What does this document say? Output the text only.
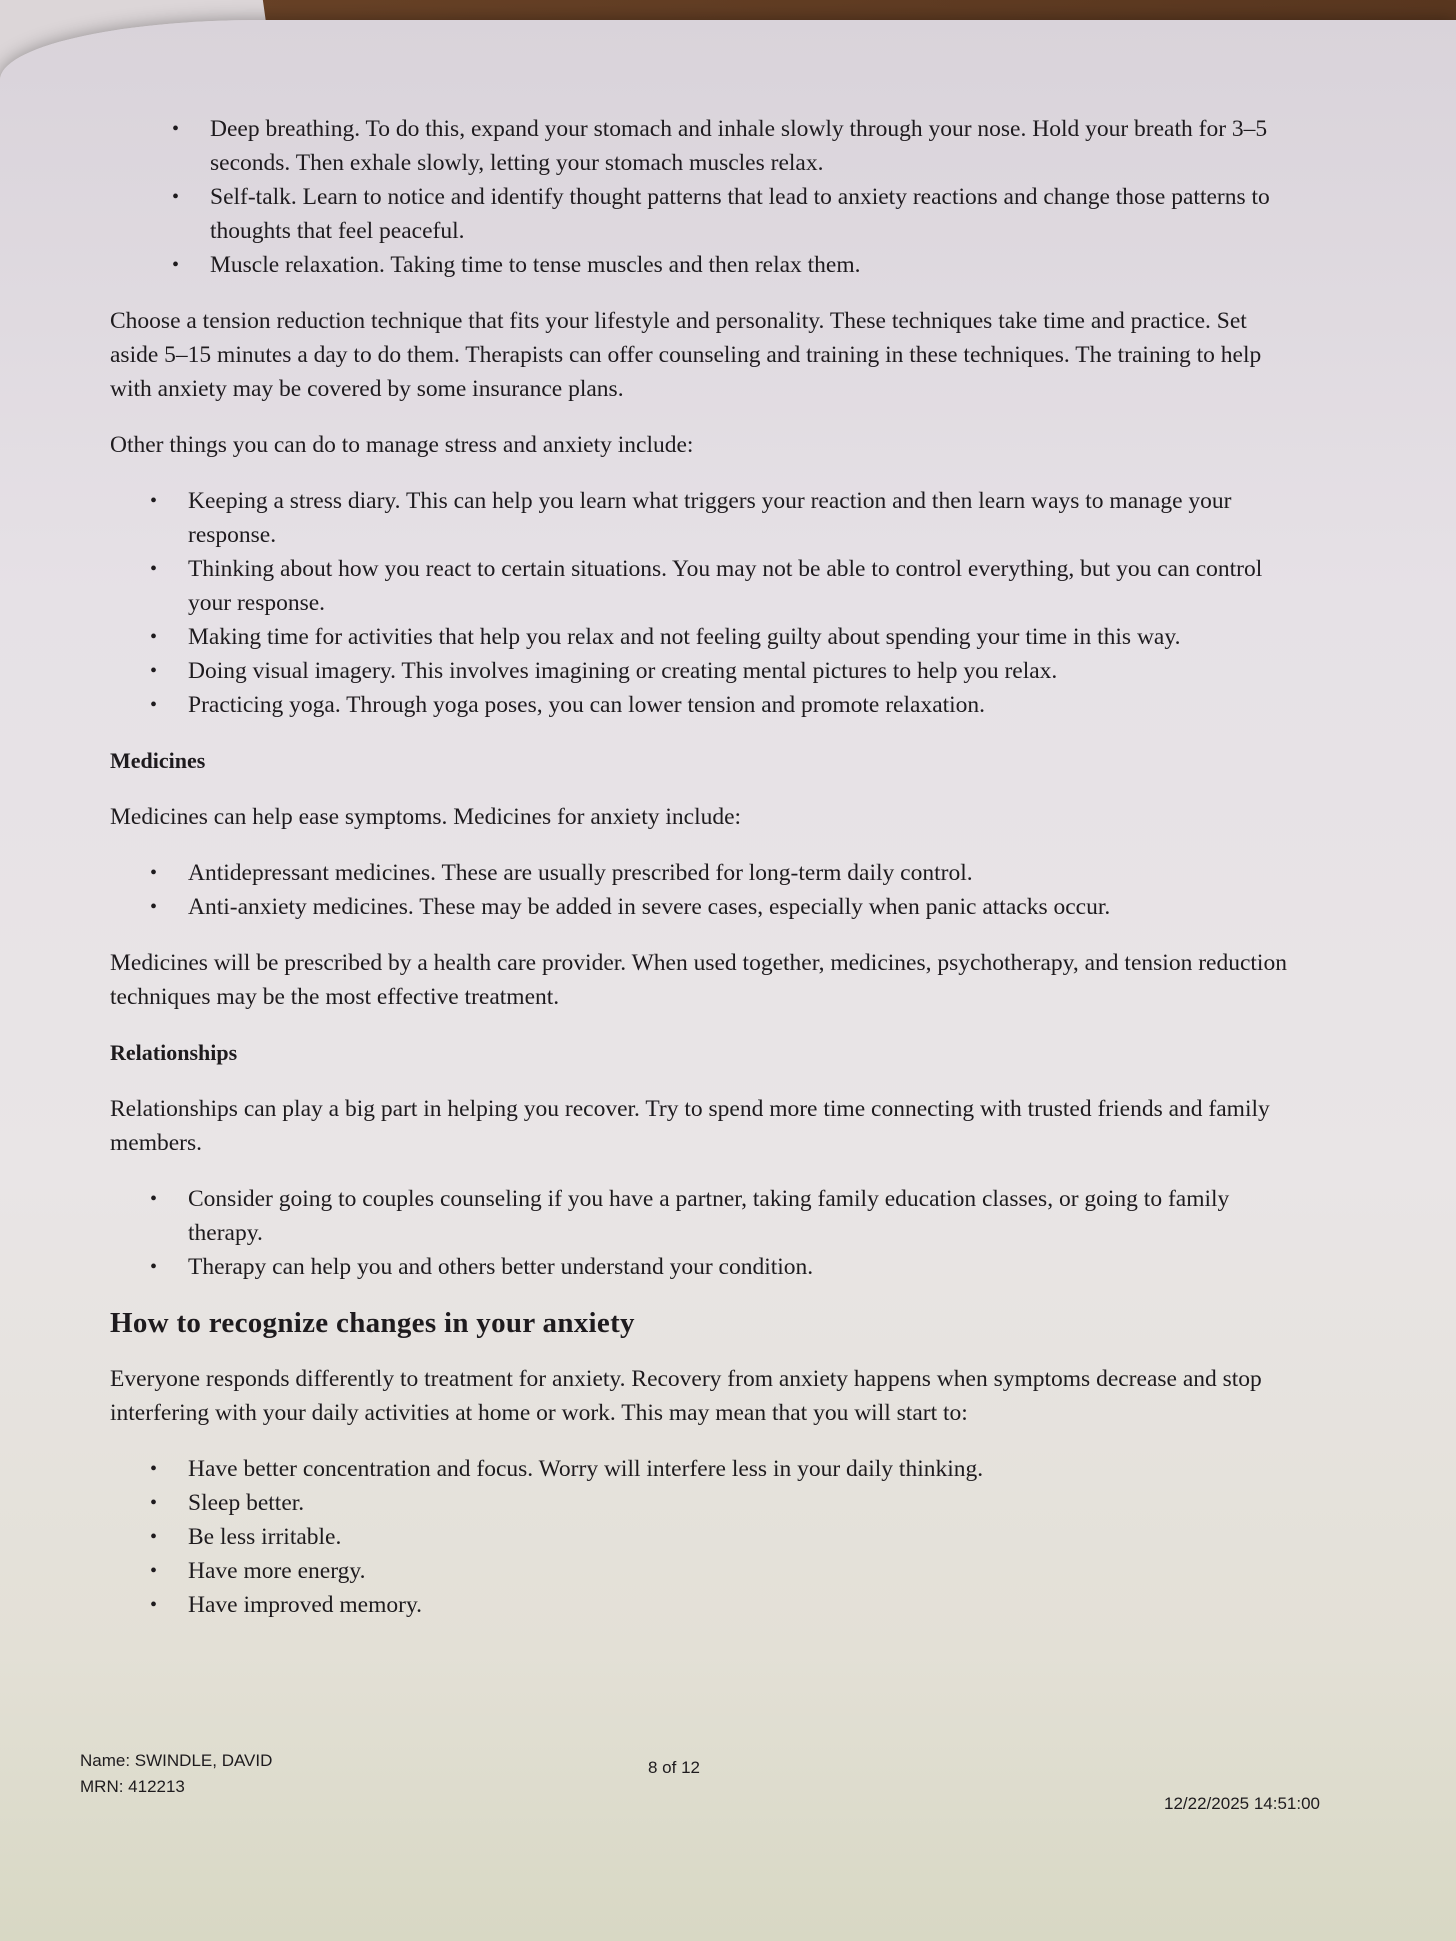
• Deep breathing. To do this, expand your stomach and inhale slowly through your nose. Hold your breath for 3–5 seconds. Then exhale slowly, letting your stomach muscles relax.
• Self-talk. Learn to notice and identify thought patterns that lead to anxiety reactions and change those patterns to thoughts that feel peaceful.
• Muscle relaxation. Taking time to tense muscles and then relax them.

Choose a tension reduction technique that fits your lifestyle and personality. These techniques take time and practice. Set aside 5–15 minutes a day to do them. Therapists can offer counseling and training in these techniques. The training to help with anxiety may be covered by some insurance plans.

Other things you can do to manage stress and anxiety include:

• Keeping a stress diary. This can help you learn what triggers your reaction and then learn ways to manage your response.
• Thinking about how you react to certain situations. You may not be able to control everything, but you can control your response.
• Making time for activities that help you relax and not feeling guilty about spending your time in this way.
• Doing visual imagery. This involves imagining or creating mental pictures to help you relax.
• Practicing yoga. Through yoga poses, you can lower tension and promote relaxation.
Medicines

Medicines can help ease symptoms. Medicines for anxiety include:

• Antidepressant medicines. These are usually prescribed for long-term daily control.
• Anti-anxiety medicines. These may be added in severe cases, especially when panic attacks occur.

Medicines will be prescribed by a health care provider. When used together, medicines, psychotherapy, and tension reduction techniques may be the most effective treatment.

Relationships

Relationships can play a big part in helping you recover. Try to spend more time connecting with trusted friends and family members.

• Consider going to couples counseling if you have a partner, taking family education classes, or going to family therapy.
• Therapy can help you and others better understand your condition.
How to recognize changes in your anxiety

Everyone responds differently to treatment for anxiety. Recovery from anxiety happens when symptoms decrease and stop interfering with your daily activities at home or work. This may mean that you will start to:

• Have better concentration and focus. Worry will interfere less in your daily thinking.
• Sleep better.
• Be less irritable.
• Have more energy.
• Have improved memory.
Name: SWINDLE, DAVID
MRN: 412213
8 of 12
12/22/2025 14:51:00
